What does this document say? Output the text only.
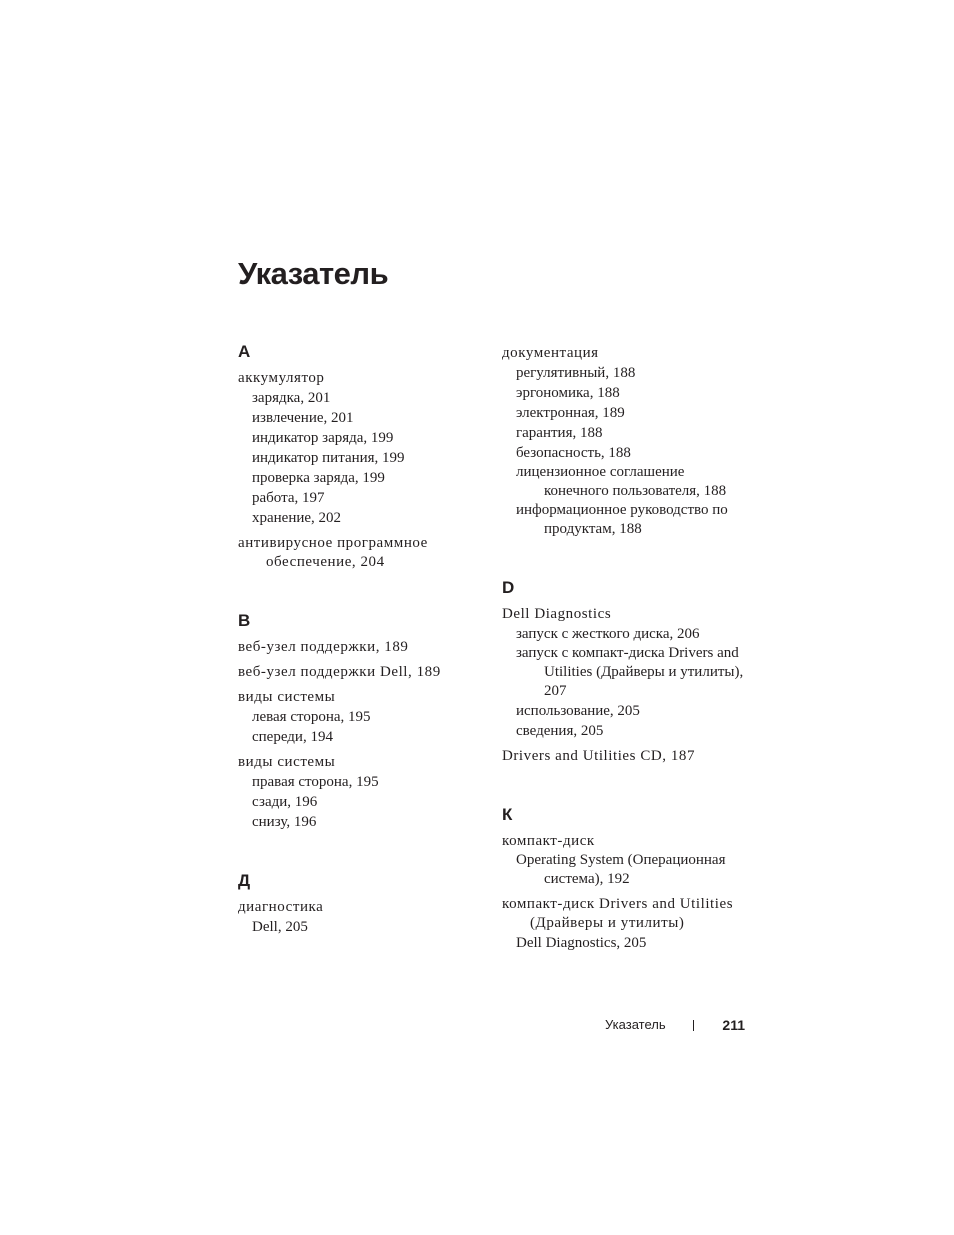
Указатель
А
аккумулятор
зарядка, 201
извлечение, 201
индикатор заряда, 199
индикатор питания, 199
проверка заряда, 199
работа, 197
хранение, 202
антивирусное программное обеспечение, 204
В
веб-узел поддержки, 189
веб-узел поддержки Dell, 189
виды системы
левая сторона, 195
спереди, 194
виды системы
правая сторона, 195
сзади, 196
снизу, 196
Д
диагностика
Dell, 205
документация
регулятивный, 188
эргономика, 188
электронная, 189
гарантия, 188
безопасность, 188
лицензионное соглашение конечного пользователя, 188
информационное руководство по продуктам, 188
D
Dell Diagnostics
запуск с жесткого диска, 206
запуск с компакт-диска Drivers and Utilities (Драйверы и утилиты), 207
использование, 205
сведения, 205
Drivers and Utilities CD, 187
К
компакт-диск
Operating System (Операционная система), 192
компакт-диск Drivers and Utilities (Драйверы и утилиты)
Dell Diagnostics, 205
Указатель	211
